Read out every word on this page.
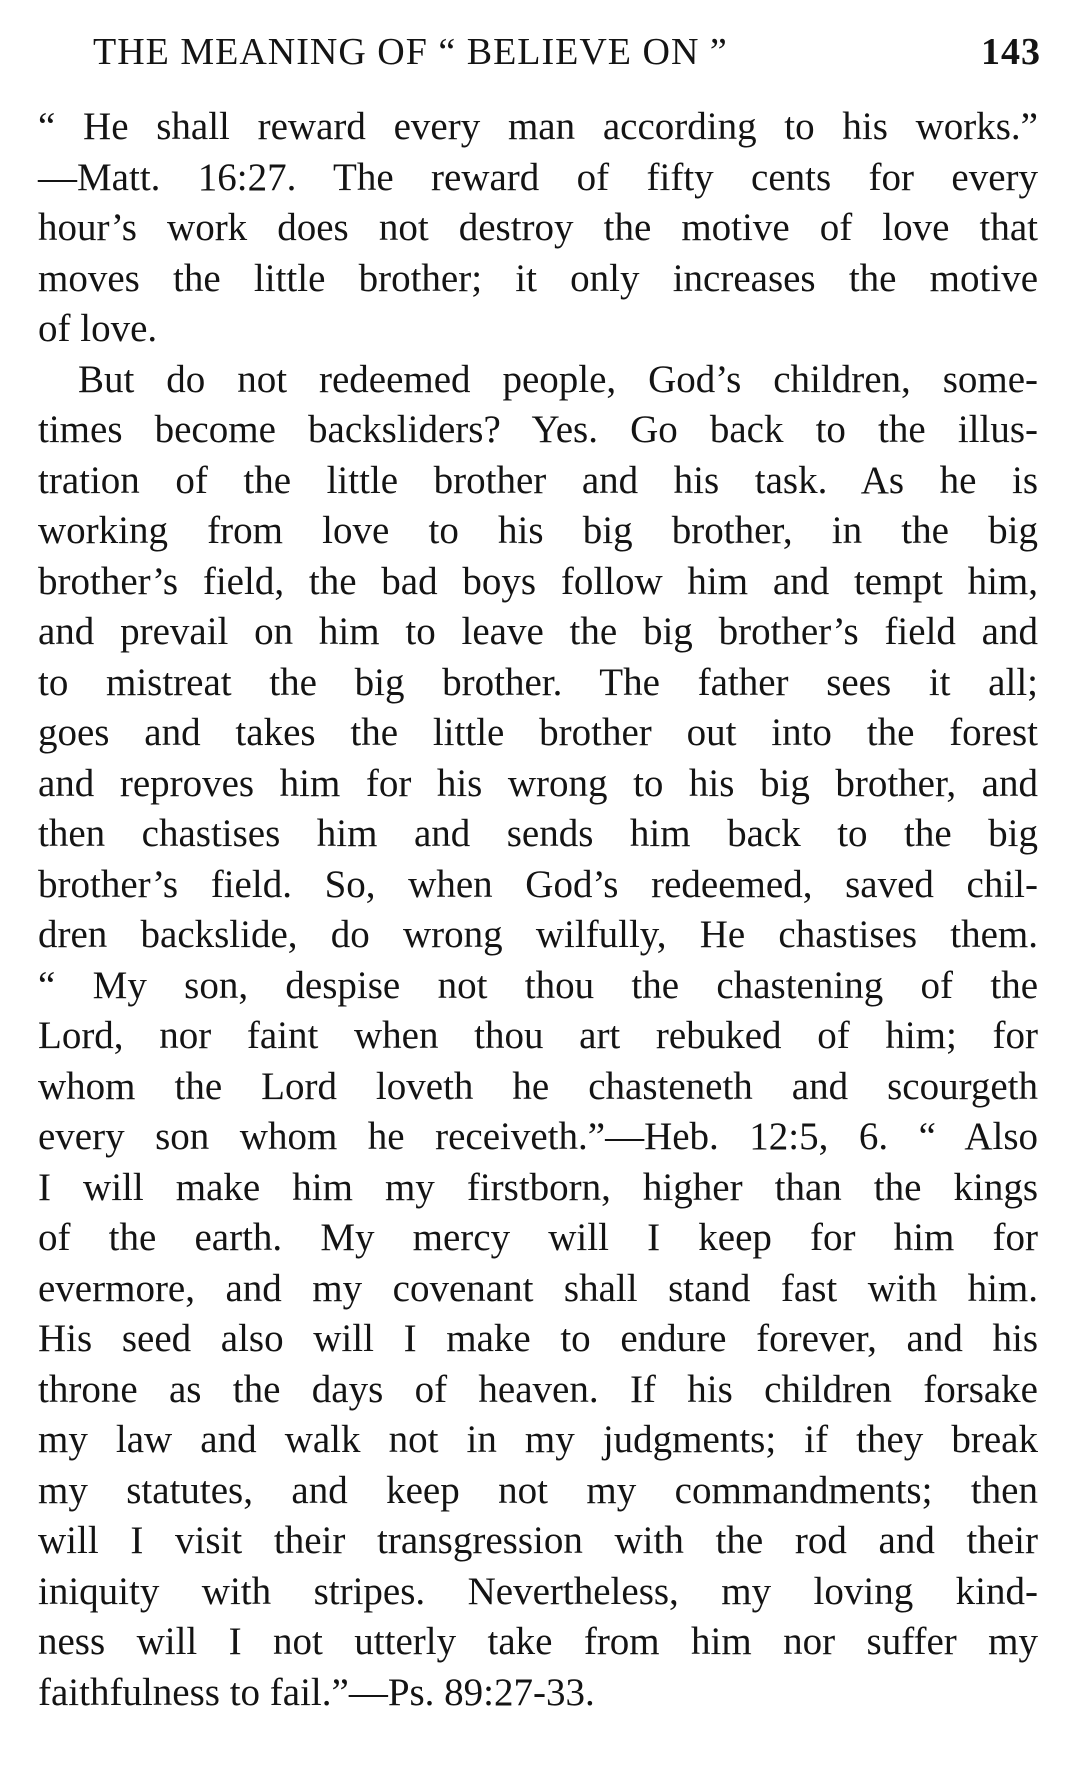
THE MEANING OF “ BELIEVE ON ”	143

“ He shall reward every man according to his works.”
—Matt. 16:27. The reward of fifty cents for every
hour’s work does not destroy the motive of love that
moves the little brother; it only increases the motive
of love.

But do not redeemed people, God’s children, some-
times become backsliders? Yes. Go back to the illus-
tration of the little brother and his task. As he is
working from love to his big brother, in the big
brother’s field, the bad boys follow him and tempt him,
and prevail on him to leave the big brother’s field and
to mistreat the big brother. The father sees it all;
goes and takes the little brother out into the forest
and reproves him for his wrong to his big brother, and
then chastises him and sends him back to the big
brother’s field. So, when God’s redeemed, saved chil-
dren backslide, do wrong wilfully, He chastises them.
“ My son, despise not thou the chastening of the
Lord, nor faint when thou art rebuked of him; for
whom the Lord loveth he chasteneth and scourgeth
every son whom he receiveth.”—Heb. 12:5, 6. “ Also
I will make him my firstborn, higher than the kings
of the earth. My mercy will I keep for him for
evermore, and my covenant shall stand fast with him.
His seed also will I make to endure forever, and his
throne as the days of heaven. If his children forsake
my law and walk not in my judgments; if they break
my statutes, and keep not my commandments; then
will I visit their transgression with the rod and their
iniquity with stripes. Nevertheless, my loving kind-
ness will I not utterly take from him nor suffer my
faithfulness to fail.”—Ps. 89:27-33.
